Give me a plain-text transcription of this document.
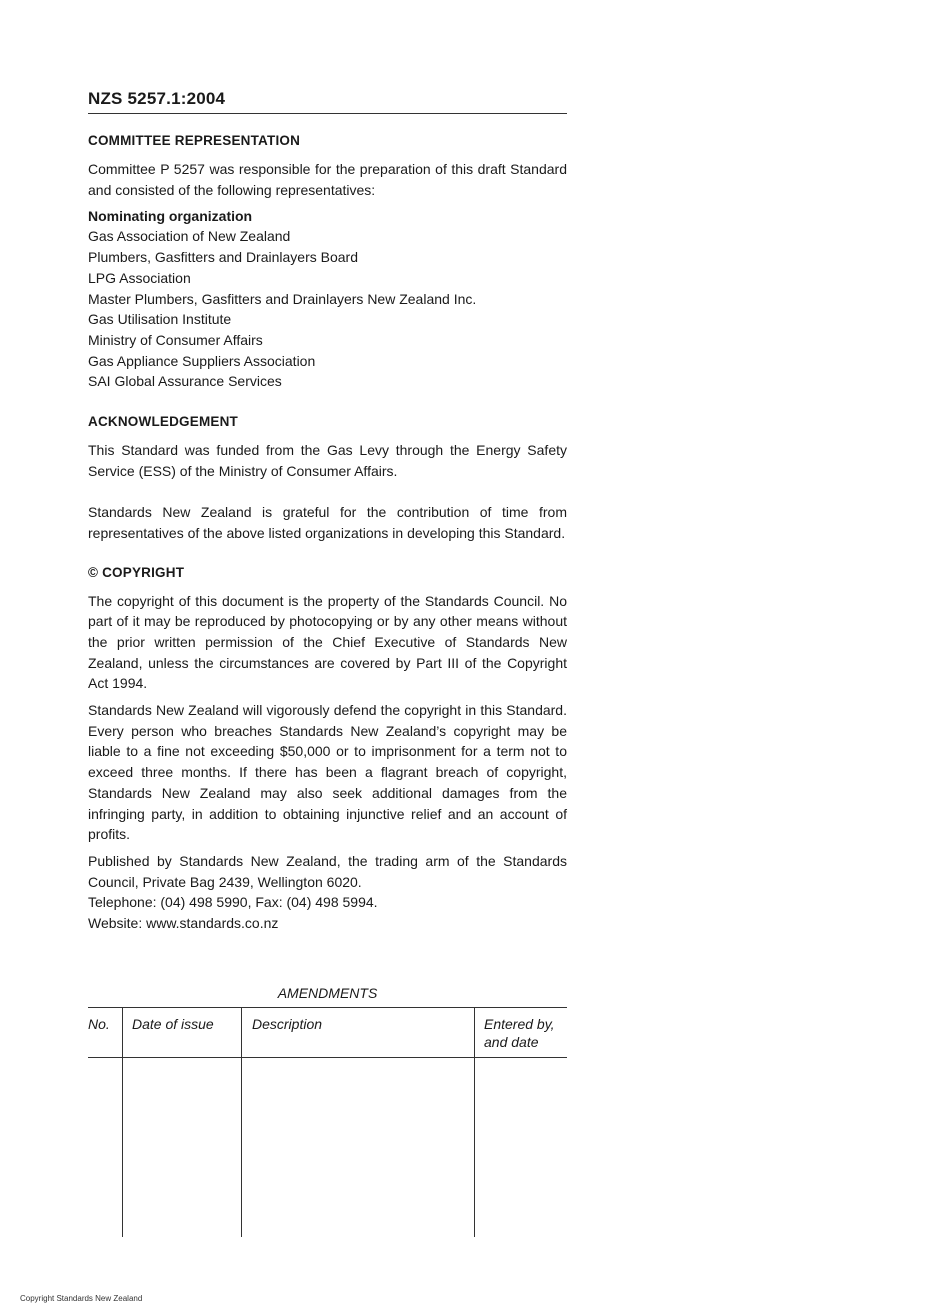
NZS 5257.1:2004
COMMITTEE REPRESENTATION

Committee P 5257 was responsible for the preparation of this draft Standard and consisted of the following representatives:

Nominating organization
Gas Association of New Zealand
Plumbers, Gasfitters and Drainlayers Board
LPG Association
Master Plumbers, Gasfitters and Drainlayers New Zealand Inc.
Gas Utilisation Institute
Ministry of Consumer Affairs
Gas Appliance Suppliers Association
SAI Global Assurance Services
ACKNOWLEDGEMENT

This Standard was funded from the Gas Levy through the Energy Safety Service (ESS) of the Ministry of Consumer Affairs.

Standards New Zealand is grateful for the contribution of time from representatives of the above listed organizations in developing this Standard.

© COPYRIGHT

The copyright of this document is the property of the Standards Council. No part of it may be reproduced by photocopying or by any other means without the prior written permission of the Chief Executive of Standards New Zealand, unless the circumstances are covered by Part III of the Copyright Act 1994.

Standards New Zealand will vigorously defend the copyright in this Standard. Every person who breaches Standards New Zealand’s copyright may be liable to a fine not exceeding $50,000 or to imprisonment for a term not to exceed three months. If there has been a flagrant breach of copyright, Standards New Zealand may also seek additional damages from the infringing party, in addition to obtaining injunctive relief and an account of profits.

Published by Standards New Zealand, the trading arm of the Standards Council, Private Bag 2439, Wellington 6020.

Telephone: (04) 498 5990, Fax: (04) 498 5994.

Website: www.standards.co.nz

AMENDMENTS
No.	Date of issue	Description	Entered by, and date

Copyright Standards New Zealand
